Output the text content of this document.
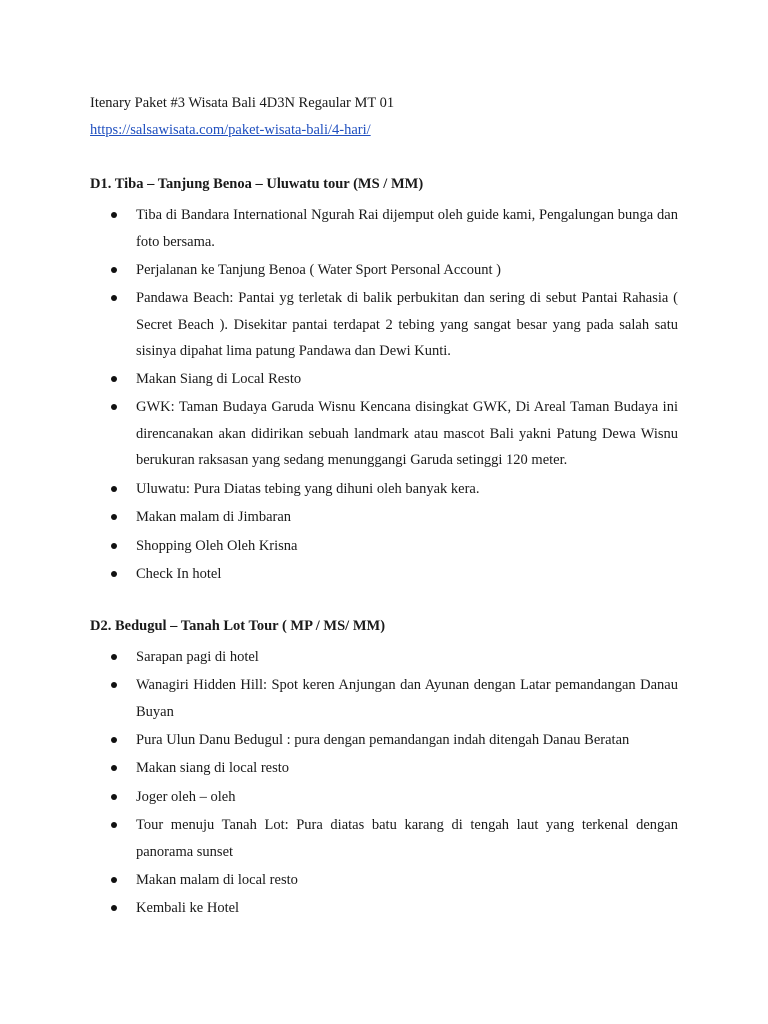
Itenary Paket #3 Wisata Bali 4D3N Regaular MT 01
https://salsawisata.com/paket-wisata-bali/4-hari/
D1. Tiba – Tanjung Benoa – Uluwatu tour (MS / MM)
Tiba di Bandara International Ngurah Rai dijemput oleh guide kami, Pengalungan bunga dan foto bersama.
Perjalanan ke Tanjung Benoa ( Water Sport Personal Account )
Pandawa Beach: Pantai yg terletak di balik perbukitan dan sering di sebut Pantai Rahasia ( Secret Beach ). Disekitar pantai terdapat 2 tebing yang sangat besar yang pada salah satu sisinya dipahat lima patung Pandawa dan Dewi Kunti.
Makan Siang di Local Resto
GWK: Taman Budaya Garuda Wisnu Kencana disingkat GWK, Di Areal Taman Budaya ini direncanakan akan didirikan sebuah landmark atau mascot Bali yakni Patung Dewa Wisnu berukuran raksasan yang sedang menunggangi Garuda setinggi 120 meter.
Uluwatu: Pura Diatas tebing yang dihuni oleh banyak kera.
Makan malam di Jimbaran
Shopping Oleh Oleh Krisna
Check In hotel
D2. Bedugul – Tanah Lot Tour ( MP / MS/ MM)
Sarapan pagi di hotel
Wanagiri Hidden Hill: Spot keren Anjungan dan Ayunan dengan Latar pemandangan Danau Buyan
Pura Ulun Danu Bedugul : pura dengan pemandangan indah ditengah Danau Beratan
Makan siang di local resto
Joger oleh – oleh
Tour menuju Tanah Lot: Pura diatas batu karang di tengah laut yang terkenal dengan panorama sunset
Makan malam di local resto
Kembali ke Hotel
